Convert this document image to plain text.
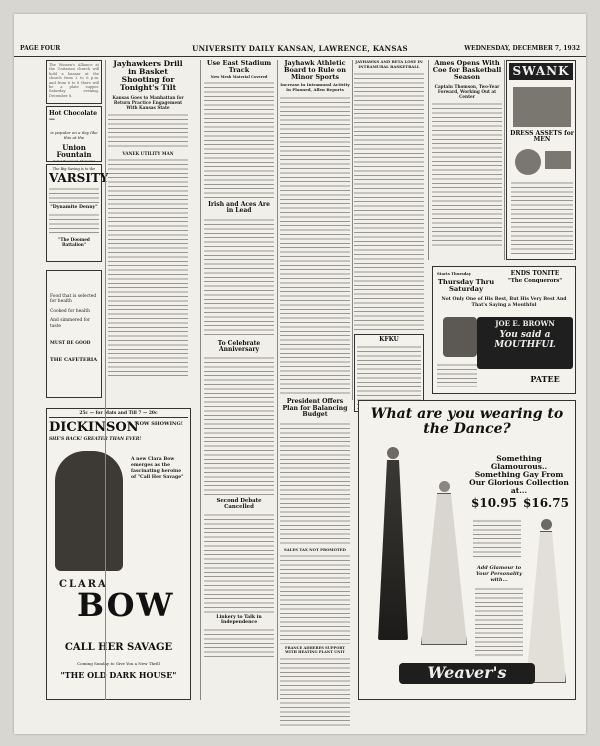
PAGE FOUR	UNIVERSITY DAILY KANSAN, LAWRENCE, KANSAS	WEDNESDAY, DECEMBER 7, 1932
The Women's Alliance at the Unitarian church will hold a bazaar at the church from 2 to 6 p.m. and from 6 to 8 there will be a plate supper. Saturday evening, December 8.
Hot Chocolate—
is popular on a day like this at the
Union Fountain
Kellet Basement, Memorial
The Big Saving is to the
VARSITY
"Dynamite Denny"
"The Doomed Battalion"
Food that is selected for health
Cooked for health
And simmered for taste
MUST BE GOOD
THE CAFETERIA
25c — for Mats and Till 7 — 20c
DICKINSON
NOW SHOWING!
SHE'S BACK! GREATER THAN EVER!
A new Clara Bow emerges as the fascinating heroine of "Call Her Savage"
CLARA
BOW
CALL HER SAVAGE
Coming Sunday to Give You a New Thrill
"THE OLD DARK HOUSE"
Jayhawkers Drill in Basket Shooting for Tonight's Tilt
Kansas Goes to Manhattan for Return Practice Engagement With Kansas State
VANEK UTILITY MAN
Use East Stadium Track
New Mesh Material Covered
Irish and Aces Are in Lead
To Celebrate Anniversary
Second Debate Cancelled
Linkery to Talk in Independence
Jayhawk Athletic Board to Rule on Minor Sports
Increase in Intramural Activity In Planned, Allen Reports
President Offers Plan for Balancing Budget
SALES TAX NOT PROMOTED
FRANCE ADHERES SUPPORT WITH HEATING PLANT UNIT
JAYHAWKS AND BETA LOSE IN INTRAMURAL BASKETBALL
KFKU
Ames Opens With Coe for Basketball Season
Captain Thomson, Two-Year Forward, Working Out at Center
SWANK
DRESS ASSETS for MEN
Starts Thursday
Thursday Thru Saturday
ENDS TONITE
"The Conquerors"
Not Only One of His Best, But His Very Best And That's Saying a Mouthful
JOE E. BROWN
You said a MOUTHFUL
PATEE
What are you wearing to the Dance?
Something Glamourous.. Something Gay From Our Glorious Collection at...
$10.95 $16.75
Add Glamour to Your Personality with...
Weaver's
